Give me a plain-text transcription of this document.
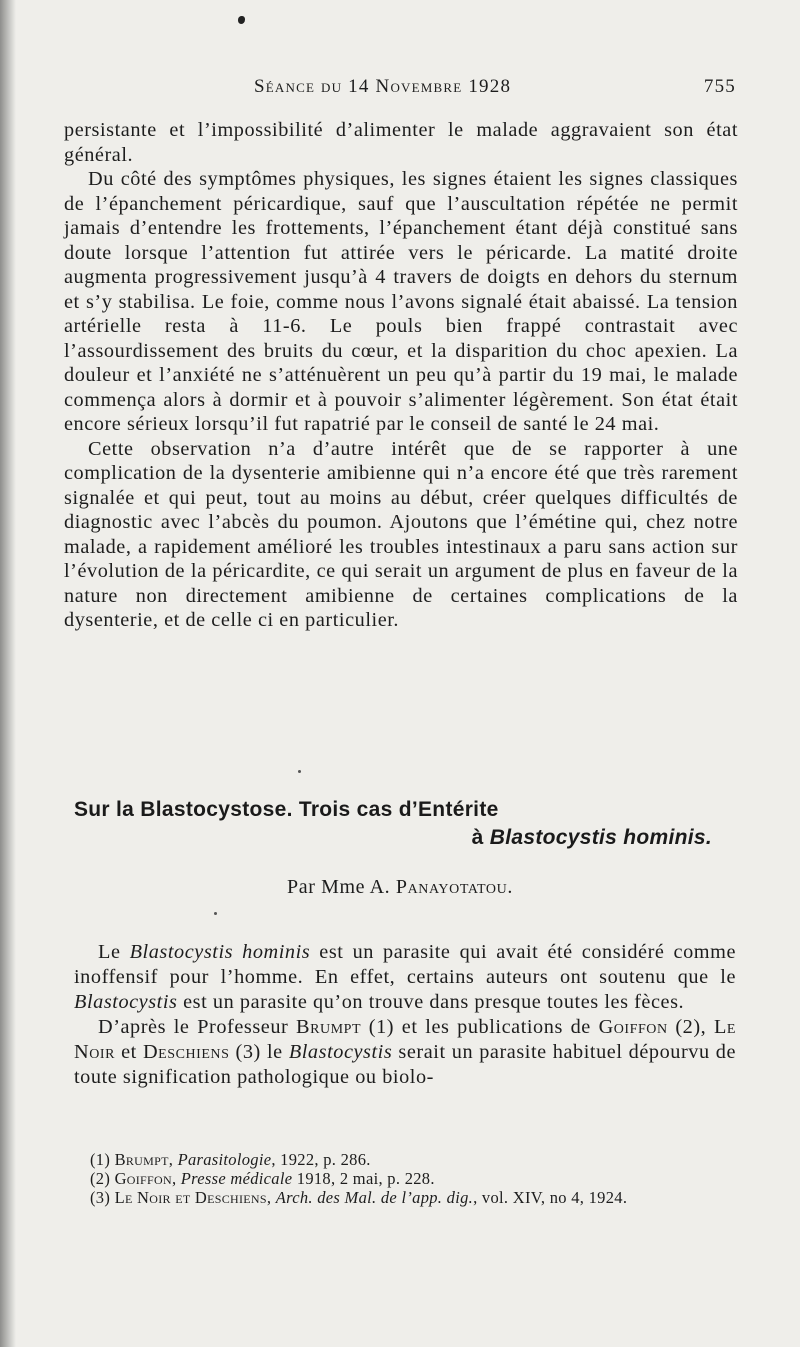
Séance du 14 Novembre 1928	755

persistante et l’impossibilité d’alimenter le malade aggravaient son état général.

Du côté des symptômes physiques, les signes étaient les signes classiques de l’épanchement péricardique, sauf que l’auscultation répétée ne permit jamais d’entendre les frottements, l’épanchement étant déjà constitué sans doute lorsque l’attention fut attirée vers le péricarde. La matité droite augmenta progressivement jusqu’à 4 travers de doigts en dehors du sternum et s’y stabilisa. Le foie, comme nous l’avons signalé était abaissé. La tension artérielle resta à 11-6. Le pouls bien frappé contrastait avec l’assourdissement des bruits du cœur, et la disparition du choc apexien. La douleur et l’anxiété ne s’atténuèrent un peu qu’à partir du 19 mai, le malade commença alors à dormir et à pouvoir s’alimenter légèrement. Son état était encore sérieux lorsqu’il fut rapatrié par le conseil de santé le 24 mai.

Cette observation n’a d’autre intérêt que de se rapporter à une complication de la dysenterie amibienne qui n’a encore été que très rarement signalée et qui peut, tout au moins au début, créer quelques difficultés de diagnostic avec l’abcès du poumon. Ajoutons que l’émétine qui, chez notre malade, a rapidement amélioré les troubles intestinaux a paru sans action sur l’évolution de la péricardite, ce qui serait un argument de plus en faveur de la nature non directement amibienne de certaines complications de la dysenterie, et de celle ci en particulier.

Sur la Blastocystose. Trois cas d’Entérite
à Blastocystis hominis.
Par Mme A. Panayotatou.

Le Blastocystis hominis est un parasite qui avait été considéré comme inoffensif pour l’homme. En effet, certains auteurs ont soutenu que le Blastocystis est un parasite qu’on trouve dans presque toutes les fèces.

D’après le Professeur Brumpt (1) et les publications de Goiffon (2), Le Noir et Deschiens (3) le Blastocystis serait un parasite habituel dépourvu de toute signification pathologique ou biolo-

(1) Brumpt, Parasitologie, 1922, p. 286.

(2) Goiffon, Presse médicale 1918, 2 mai, p. 228.

(3) Le Noir et Deschiens, Arch. des Mal. de l’app. dig., vol. XIV, no 4, 1924.
